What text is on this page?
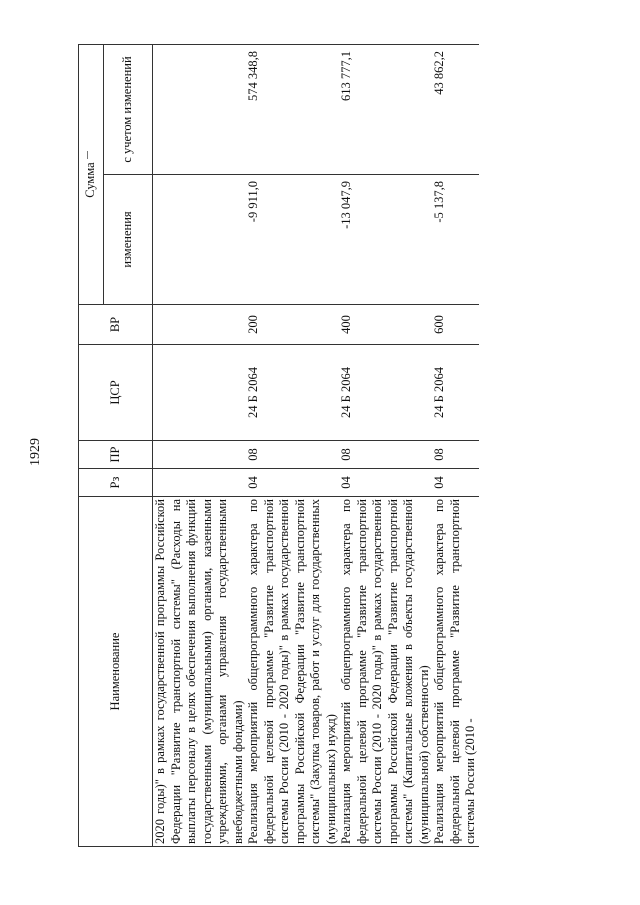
1929
Наименование	Рз	ПР	ЦСР	ВР	Сумма	
					изменения	с учетом изменений
2020 годы)" в рамках государственной программы Российской Федерации "Развитие транспортной системы" (Расходы на выплаты персоналу в целях обеспечения выполнения функций государственными (муниципальными) органами, казенными учреждениями, органами управления государственными внебюджетными фондами)						
Реализация мероприятий общепрограммного характера по федеральной целевой программе "Развитие транспортной системы России (2010 - 2020 годы)" в рамках государственной программы Российской Федерации "Развитие транспортной системы" (Закупка товаров, работ и услуг для государственных (муниципальных) нужд)	04	08	24 Б 2064	200	-9 911,0	574 348,8
Реализация мероприятий общепрограммного характера по федеральной целевой программе "Развитие транспортной системы России (2010 - 2020 годы)" в рамках государственной программы Российской Федерации "Развитие транспортной системы" (Капитальные вложения в объекты государственной (муниципальной) собственности)	04	08	24 Б 2064	400	-13 047,9	613 777,1
Реализация мероприятий общепрограммного характера по федеральной целевой программе "Развитие транспортной системы России (2010 -	04	08	24 Б 2064	600	-5 137,8	43 862,2
